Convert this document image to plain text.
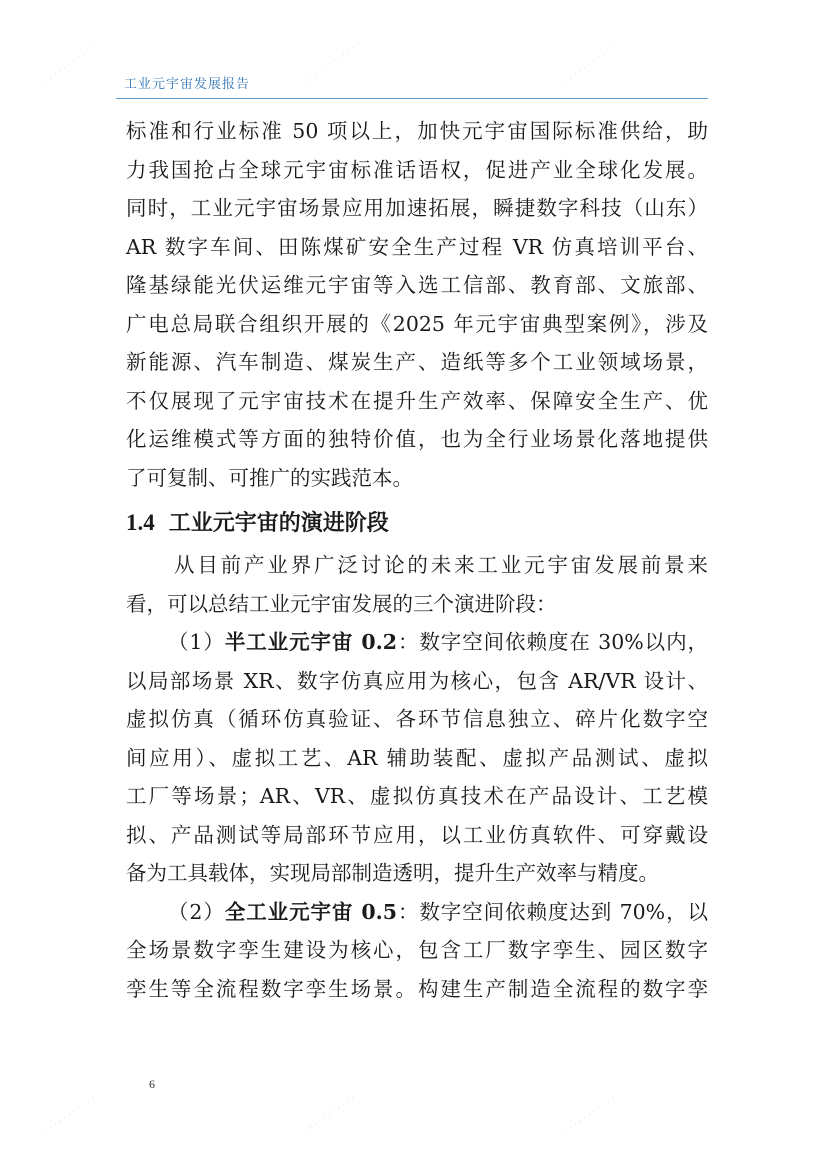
工业元宇宙发展报告
标准和行业标准 50 项以上，加快元宇宙国际标准供给，助
力我国抢占全球元宇宙标准话语权，促进产业全球化发展。
同时，工业元宇宙场景应用加速拓展，瞬捷数字科技（山东）
AR 数字车间、田陈煤矿安全生产过程 VR 仿真培训平台、
隆基绿能光伏运维元宇宙等入选工信部、教育部、文旅部、
广电总局联合组织开展的《2025 年元宇宙典型案例》，涉及
新能源、汽车制造、煤炭生产、造纸等多个工业领域场景，
不仅展现了元宇宙技术在提升生产效率、保障安全生产、优
化运维模式等方面的独特价值，也为全行业场景化落地提供
了可复制、可推广的实践范本。
1.4 工业元宇宙的演进阶段
从目前产业界广泛讨论的未来工业元宇宙发展前景来
看，可以总结工业元宇宙发展的三个演进阶段：
（1）半工业元宇宙 0.2：数字空间依赖度在 30%以内，
以局部场景 XR、数字仿真应用为核心，包含 AR/VR 设计、
虚拟仿真（循环仿真验证、各环节信息独立、碎片化数字空
间应用）、虚拟工艺、AR 辅助装配、虚拟产品测试、虚拟
工厂等场景；AR、VR、虚拟仿真技术在产品设计、工艺模
拟、产品测试等局部环节应用，以工业仿真软件、可穿戴设
备为工具载体，实现局部制造透明，提升生产效率与精度。
（2）全工业元宇宙 0.5：数字空间依赖度达到 70%，以
全场景数字孪生建设为核心，包含工厂数字孪生、园区数字
孪生等全流程数字孪生场景。构建生产制造全流程的数字孪
6
· · · · · · · · · · ·	· · · · · · · · · · ·	· · · · · · · · · · ·
· · · · · · · · · · ·	· · · · · · · · · · ·	· · · · · · · · · · ·
